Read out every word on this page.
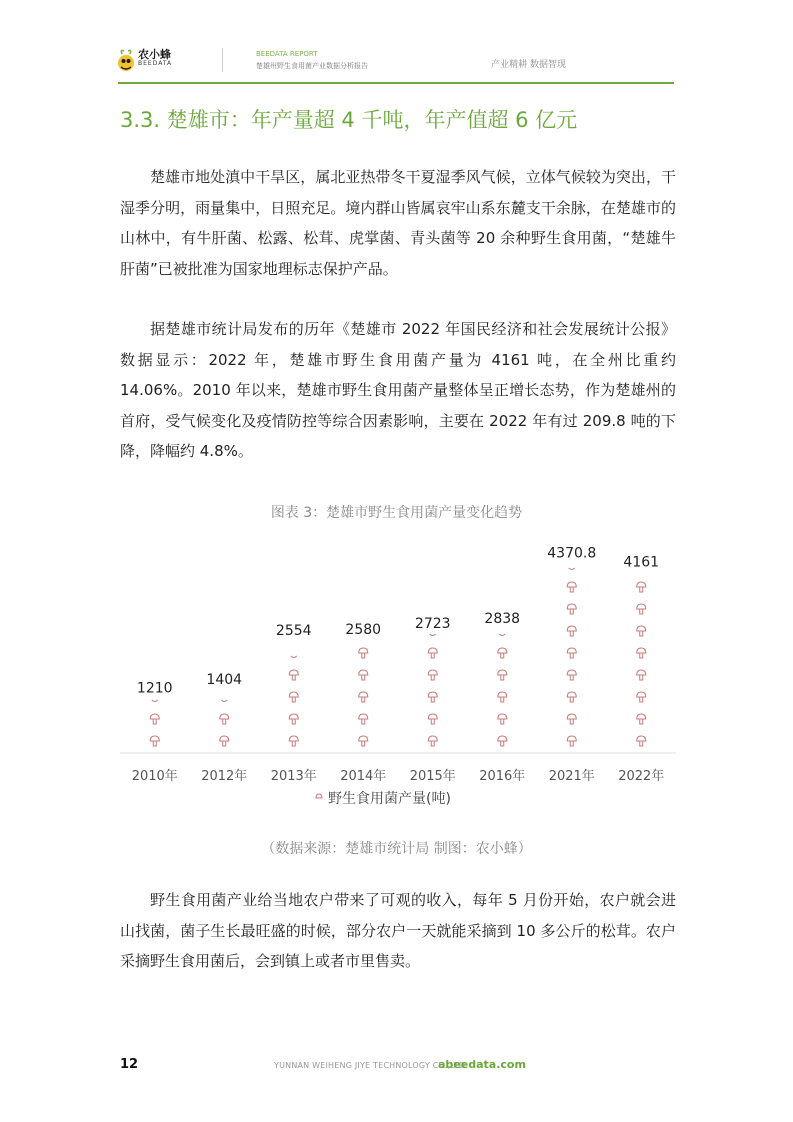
农小蜂
BEEDATA
BEEDATA REPORT
楚雄州野生食用菌产业数据分析报告	产业精耕 数据智现
3.3. 楚雄市：年产量超 4 千吨，年产值超 6 亿元

楚雄市地处滇中干旱区，属北亚热带冬干夏湿季风气候，立体气候较为突出，干湿季分明，雨量集中，日照充足。境内群山皆属哀牢山系东麓支干余脉，在楚雄市的山林中，有牛肝菌、松露、松茸、虎掌菌、青头菌等 20 余种野生食用菌，“楚雄牛肝菌”已被批准为国家地理标志保护产品。

据楚雄市统计局发布的历年《楚雄市 2022 年国民经济和社会发展统计公报》数据显示：2022 年，楚雄市野生食用菌产量为 4161 吨，在全州比重约 14.06%。2010 年以来，楚雄市野生食用菌产量整体呈正增长态势，作为楚雄州的首府，受气候变化及疫情防控等综合因素影响，主要在 2022 年有过 209.8 吨的下降，降幅约 4.8%。

图表 3：楚雄市野生食用菌产量变化趋势
1210
2010年
1404
2012年
2554
2013年
2580
2014年
2723
2015年
2838
2016年
4370.8
2021年
4161
2022年
野生食用菌产量(吨)
（数据来源：楚雄市统计局 制图：农小蜂）

野生食用菌产业给当地农户带来了可观的收入，每年 5 月份开始，农户就会进山找菌，菌子生长最旺盛的时候，部分农户一天就能采摘到 10 多公斤的松茸。农户采摘野生食用菌后，会到镇上或者市里售卖。

12	YUNNAN WEIHENG JIYE TECHNOLOGY CO.,LTD.
abeedata.com
